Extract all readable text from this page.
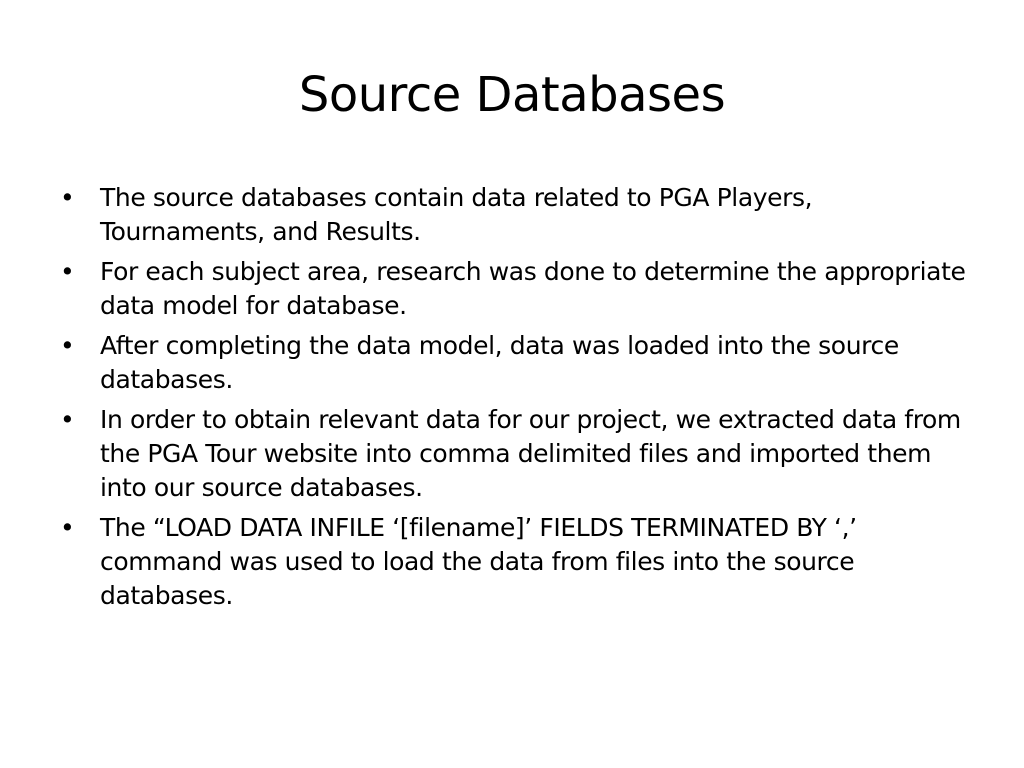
Source Databases
• The source databases contain data related to PGA Players, Tournaments, and Results.
• For each subject area, research was done to determine the appropriate data model for database.
• After completing the data model, data was loaded into the source databases.
• In order to obtain relevant data for our project, we extracted data from the PGA Tour website into comma delimited files and imported them into our source databases.
• The “LOAD DATA INFILE ‘[filename]’ FIELDS TERMINATED BY ‘,’ command was used to load the data from files into the source databases.
